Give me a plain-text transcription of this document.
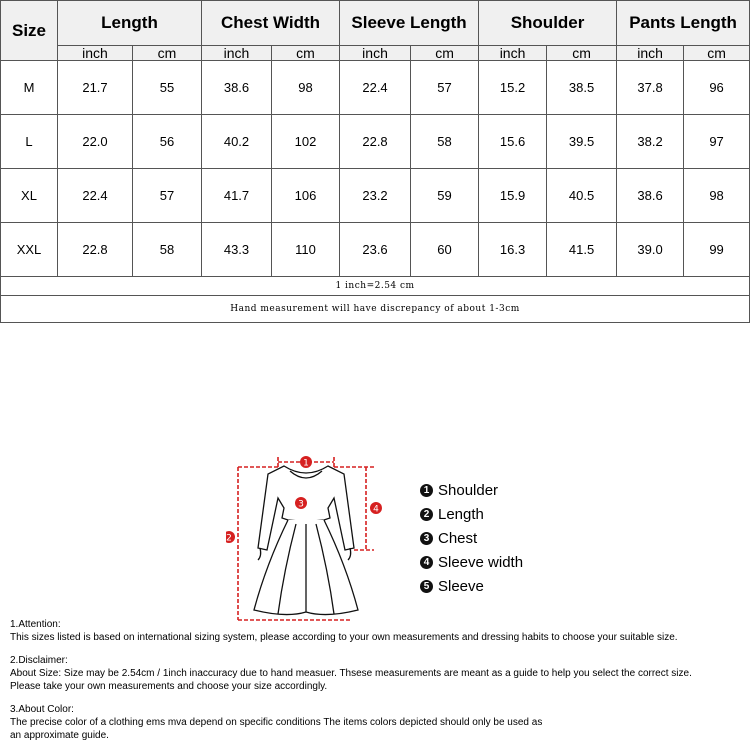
Size	Length		Chest Width		Sleeve Length		Shoulder		Pants Length	
	inch	cm	inch	cm	inch	cm	inch	cm	inch	cm
M	21.7	55	38.6	98	22.4	57	15.2	38.5	37.8	96
L	22.0	56	40.2	102	22.8	58	15.6	39.5	38.2	97
XL	22.4	57	41.7	106	23.2	59	15.9	40.5	38.6	98
XXL	22.8	58	43.3	110	23.6	60	16.3	41.5	39.0	99
1 inch=2.54 cm										
Hand measurement will have discrepancy of about 1-3cm										
1
2
3	4
1 Shoulder
2 Length
3 Chest
4 Sleeve width
5 Sleeve

1.Attention:

This sizes listed is based on international sizing system, please according to your own measurements and dressing habits to choose your suitable size.

2.Disclaimer:

About Size: Size may be 2.54cm / 1inch inaccuracy due to hand measuer. Thsese measurements are meant as a guide to help you select the correct size.

Please take your own measurements and choose your size accordingly.

3.About Color:

The precise color of a clothing ems mva depend on specific conditions The items colors depicted should only be used as

an approximate guide.
